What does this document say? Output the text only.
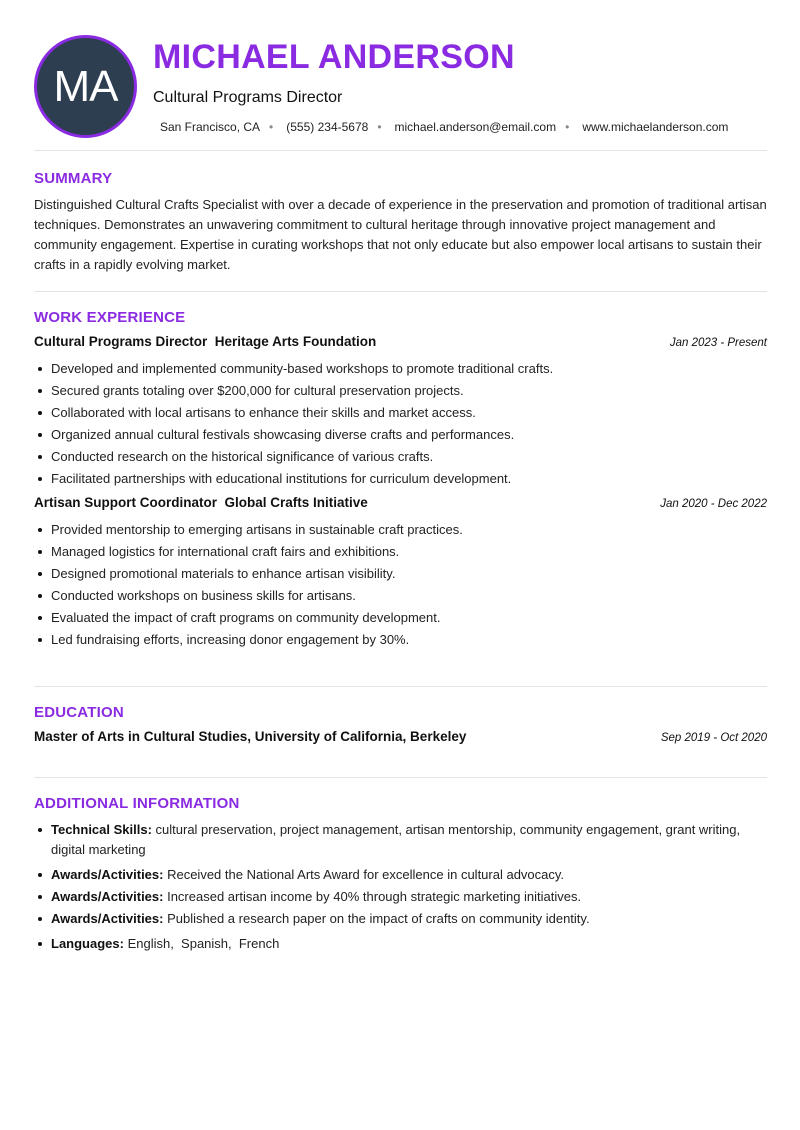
MA
MICHAEL ANDERSON
Cultural Programs Director
San Francisco, CA • (555) 234-5678 • michael.anderson@email.com • www.michaelanderson.com
SUMMARY
Distinguished Cultural Crafts Specialist with over a decade of experience in the preservation and promotion of traditional artisan techniques. Demonstrates an unwavering commitment to cultural heritage through innovative project management and community engagement. Expertise in curating workshops that not only educate but also empower local artisans to sustain their crafts in a rapidly evolving market.
WORK EXPERIENCE
Cultural Programs Director  Heritage Arts Foundation	Jan 2023 - Present
Developed and implemented community-based workshops to promote traditional crafts.
Secured grants totaling over $200,000 for cultural preservation projects.
Collaborated with local artisans to enhance their skills and market access.
Organized annual cultural festivals showcasing diverse crafts and performances.
Conducted research on the historical significance of various crafts.
Facilitated partnerships with educational institutions for curriculum development.
Artisan Support Coordinator  Global Crafts Initiative	Jan 2020 - Dec 2022
Provided mentorship to emerging artisans in sustainable craft practices.
Managed logistics for international craft fairs and exhibitions.
Designed promotional materials to enhance artisan visibility.
Conducted workshops on business skills for artisans.
Evaluated the impact of craft programs on community development.
Led fundraising efforts, increasing donor engagement by 30%.
EDUCATION
Master of Arts in Cultural Studies, University of California, Berkeley	Sep 2019 - Oct 2020
ADDITIONAL INFORMATION
Technical Skills: cultural preservation, project management, artisan mentorship, community engagement, grant writing, digital marketing
Awards/Activities: Received the National Arts Award for excellence in cultural advocacy.
Awards/Activities: Increased artisan income by 40% through strategic marketing initiatives.
Awards/Activities: Published a research paper on the impact of crafts on community identity.
Languages: English,  Spanish,  French
